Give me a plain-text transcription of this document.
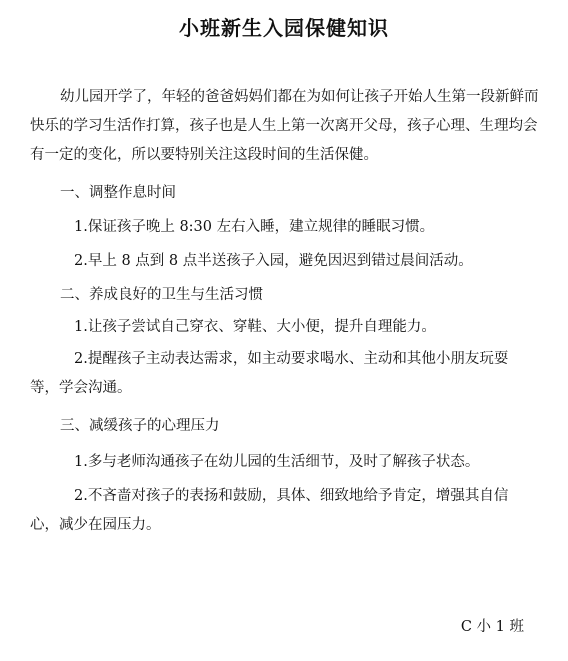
小班新生入园保健知识
幼儿园开学了，年轻的爸爸妈妈们都在为如何让孩子开始人生第一段新鲜而快乐的学习生活作打算，孩子也是人生上第一次离开父母，孩子心理、生理均会有一定的变化，所以要特别关注这段时间的生活保健。
一、调整作息时间
1.保证孩子晚上 8:30 左右入睡，建立规律的睡眠习惯。
2.早上 8 点到 8 点半送孩子入园，避免因迟到错过晨间活动。
二、养成良好的卫生与生活习惯
1.让孩子尝试自己穿衣、穿鞋、大小便，提升自理能力。
2.提醒孩子主动表达需求，如主动要求喝水、主动和其他小朋友玩耍等，学会沟通。
三、减缓孩子的心理压力
1.多与老师沟通孩子在幼儿园的生活细节，及时了解孩子状态。
2.不吝啬对孩子的表扬和鼓励，具体、细致地给予肯定，增强其自信心，减少在园压力。
C 小 1 班
